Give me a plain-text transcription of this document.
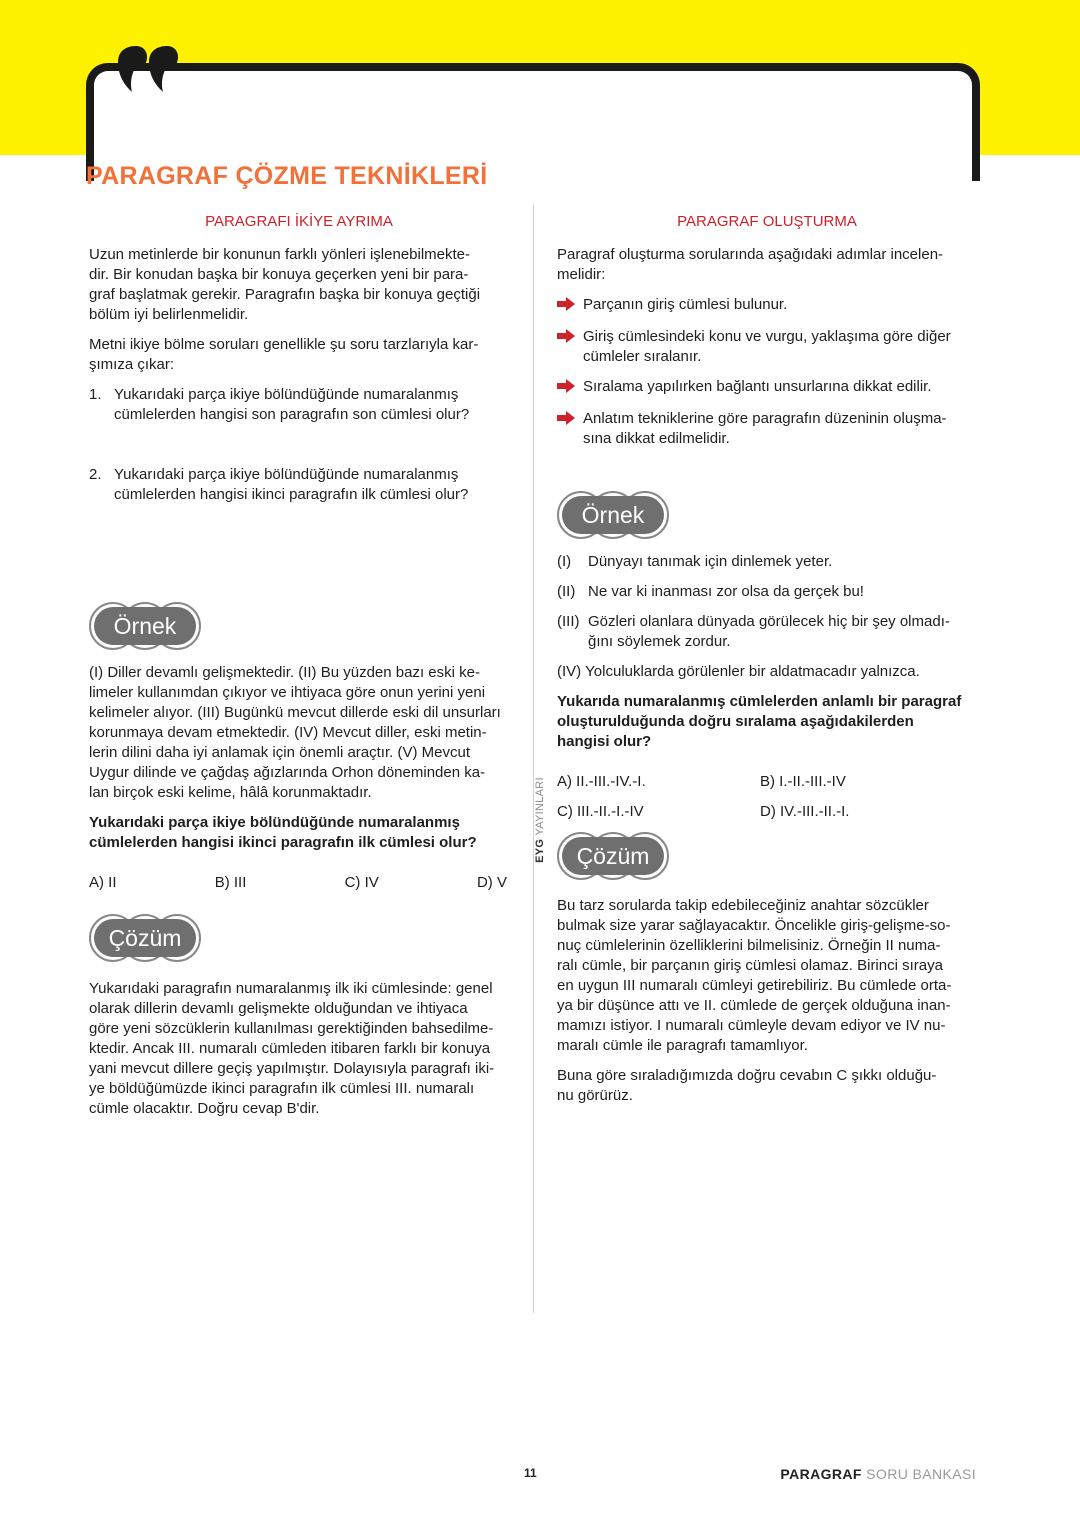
PARAGRAF ÇÖZME TEKNİKLERİ

PARAGRAFI İKİYE AYRIMA

Uzun metinlerde bir konunun farklı yönleri işlenebilmekte-
dir. Bir konudan başka bir konuya geçerken yeni bir para-
graf başlatmak gerekir. Paragrafın başka bir konuya geçtiği
bölüm iyi belirlenmelidir.

Metni ikiye bölme soruları genellikle şu soru tarzlarıyla kar-
şımıza çıkar:

1. Yukarıdaki parça ikiye bölündüğünde numaralanmış
cümlelerden hangisi son paragrafın son cümlesi olur?
2. Yukarıdaki parça ikiye bölündüğünde numaralanmış
cümlelerden hangisi ikinci paragrafın ilk cümlesi olur?
Örnek

(I) Diller devamlı gelişmektedir. (II) Bu yüzden bazı eski ke-
limeler kullanımdan çıkıyor ve ihtiyaca göre onun yerini yeni
kelimeler alıyor. (III) Bugünkü mevcut dillerde eski dil unsurları
korunmaya devam etmektedir. (IV) Mevcut diller, eski metin-
lerin dilini daha iyi anlamak için önemli araçtır. (V) Mevcut
Uygur dilinde ve çağdaş ağızlarında Orhon döneminden ka-
lan birçok eski kelime, hâlâ korunmaktadır.

Yukarıdaki parça ikiye bölündüğünde numaralanmış
cümlelerden hangisi ikinci paragrafın ilk cümlesi olur?

A) II	B) III	C) IV	D) V
Çözüm

Yukarıdaki paragrafın numaralanmış ilk iki cümlesinde: genel
olarak dillerin devamlı gelişmekte olduğundan ve ihtiyaca
göre yeni sözcüklerin kullanılması gerektiğinden bahsedilme-
ktedir. Ancak III. numaralı cümleden itibaren farklı bir konuya
yani mevcut dillere geçiş yapılmıştır. Dolayısıyla paragrafı iki-
ye böldüğümüzde ikinci paragrafın ilk cümlesi III. numaralı
cümle olacaktır. Doğru cevap B'dir.

EYG YAYINLARI

PARAGRAF OLUŞTURMA

Paragraf oluşturma sorularında aşağıdaki adımlar incelen-
melidir:

Parçanın giriş cümlesi bulunur.
Giriş cümlesindeki konu ve vurgu, yaklaşıma göre diğer
cümleler sıralanır.
Sıralama yapılırken bağlantı unsurlarına dikkat edilir.
Anlatım tekniklerine göre paragrafın düzeninin oluşma-
sına dikkat edilmelidir.
Örnek
(I)	Dünyayı tanımak için dinlemek yeter.
(II) Ne var ki inanması zor olsa da gerçek bu!
(III) Gözleri olanlara dünyada görülecek hiç bir şey olmadı-
ğını söylemek zordur.
(IV) Yolculuklarda görülenler bir aldatmacadır yalnızca.

Yukarıda numaralanmış cümlelerden anlamlı bir paragraf
oluşturulduğunda doğru sıralama aşağıdakilerden
hangisi olur?

A) II.-III.-IV.-I.	B) I.-II.-III.-IV
C) III.-II.-I.-IV	D) IV.-III.-II.-I.
Çözüm

Bu tarz sorularda takip edebileceğiniz anahtar sözcükler
bulmak size yarar sağlayacaktır. Öncelikle giriş-gelişme-so-
nuç cümlelerinin özelliklerini bilmelisiniz. Örneğin II numa-
ralı cümle, bir parçanın giriş cümlesi olamaz. Birinci sıraya
en uygun III numaralı cümleyi getirebiliriz. Bu cümlede orta-
ya bir düşünce attı ve II. cümlede de gerçek olduğuna inan-
mamızı istiyor. I numaralı cümleyle devam ediyor ve IV nu-
maralı cümle ile paragrafı tamamlıyor.

Buna göre sıraladığımızda doğru cevabın C şıkkı olduğu-
nu görürüz.

11	PARAGRAF SORU BANKASI
